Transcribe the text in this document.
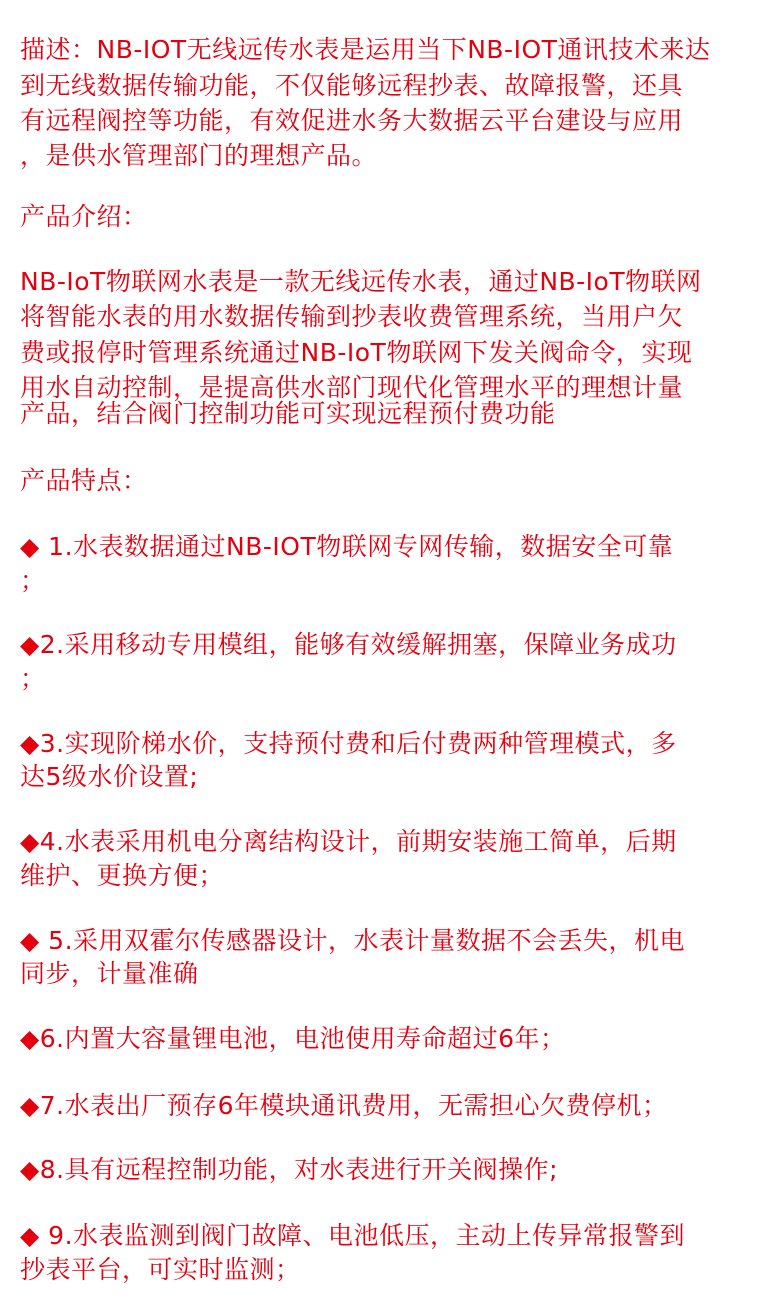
描述：NB-IOT无线远传水表是运用当下NB-IOT通讯技术来达
到无线数据传输功能，不仅能够远程抄表、故障报警，还具
有远程阀控等功能，有效促进水务大数据云平台建设与应用
，是供水管理部门的理想产品。
产品介绍：
NB-IoT物联网水表是一款无线远传水表，通过NB-IoT物联网
将智能水表的用水数据传输到抄表收费管理系统，当用户欠
费或报停时管理系统通过NB-IoT物联网下发关阀命令，实现
用水自动控制，是提高供水部门现代化管理水平的理想计量
产品，结合阀门控制功能可实现远程预付费功能
产品特点：
◆ 1.水表数据通过NB-IOT物联网专网传输，数据安全可靠
；
◆2.采用移动专用模组，能够有效缓解拥塞，保障业务成功
；
◆3.实现阶梯水价，支持预付费和后付费两种管理模式，多
达5级水价设置;
◆4.水表采用机电分离结构设计，前期安装施工简单，后期
维护、更换方便；
◆ 5.采用双霍尔传感器设计，水表计量数据不会丢失，机电
同步，计量准确
◆6.内置大容量锂电池，电池使用寿命超过6年；
◆7.水表出厂预存6年模块通讯费用，无需担心欠费停机；
◆8.具有远程控制功能，对水表进行开关阀操作;
◆ 9.水表监测到阀门故障、电池低压，主动上传异常报警到
抄表平台，可实时监测；
